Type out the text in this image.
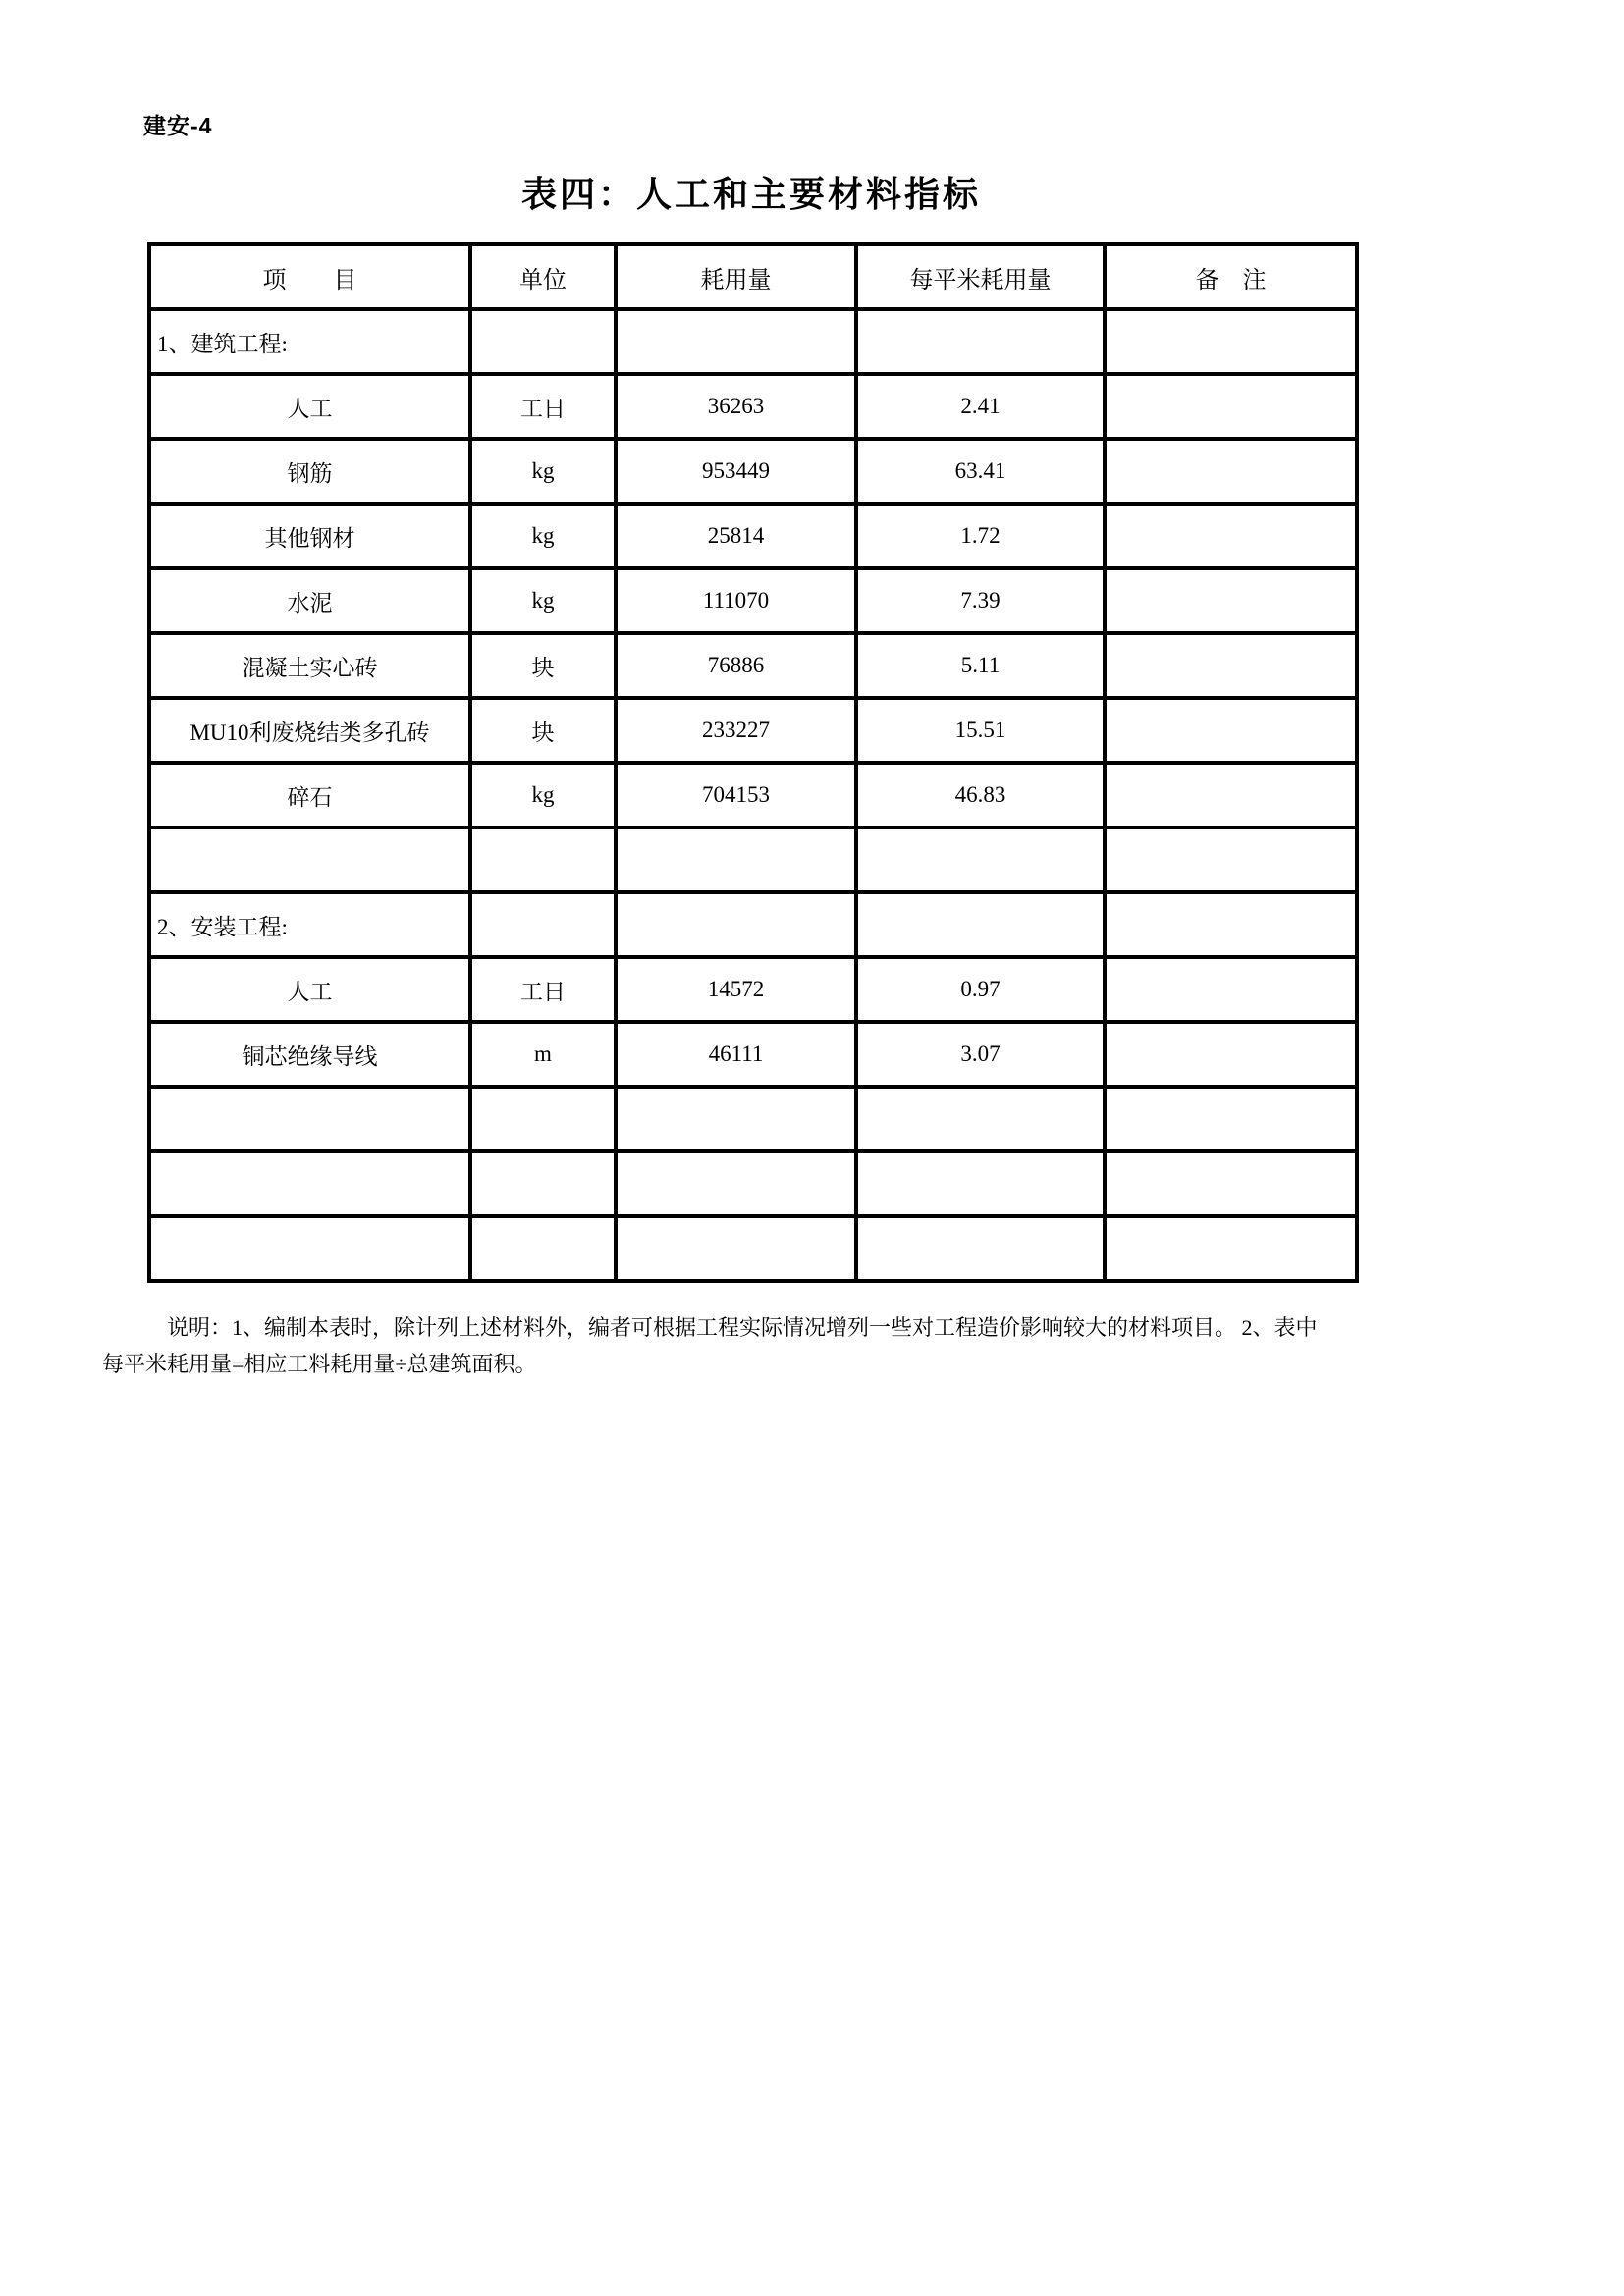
建安-4
表四：人工和主要材料指标
项　　目	单位	耗用量	每平米耗用量	备　注
1、建筑工程:				
人工	工日	36263	2.41	
钢筋	kg	953449	63.41	
其他钢材	kg	25814	1.72	
水泥	kg	111070	7.39	
混凝土实心砖	块	76886	5.11	
MU10利废烧结类多孔砖	块	233227	15.51	
碎石	kg	704153	46.83	

2、安装工程:				
人工	工日	14572	0.97	
铜芯绝缘导线	m	46111	3.07	

说明：1、编制本表时，除计列上述材料外，编者可根据工程实际情况增列一些对工程造价影响较大的材料项目。 2、表中每平米耗用量=相应工料耗用量÷总建筑面积。
